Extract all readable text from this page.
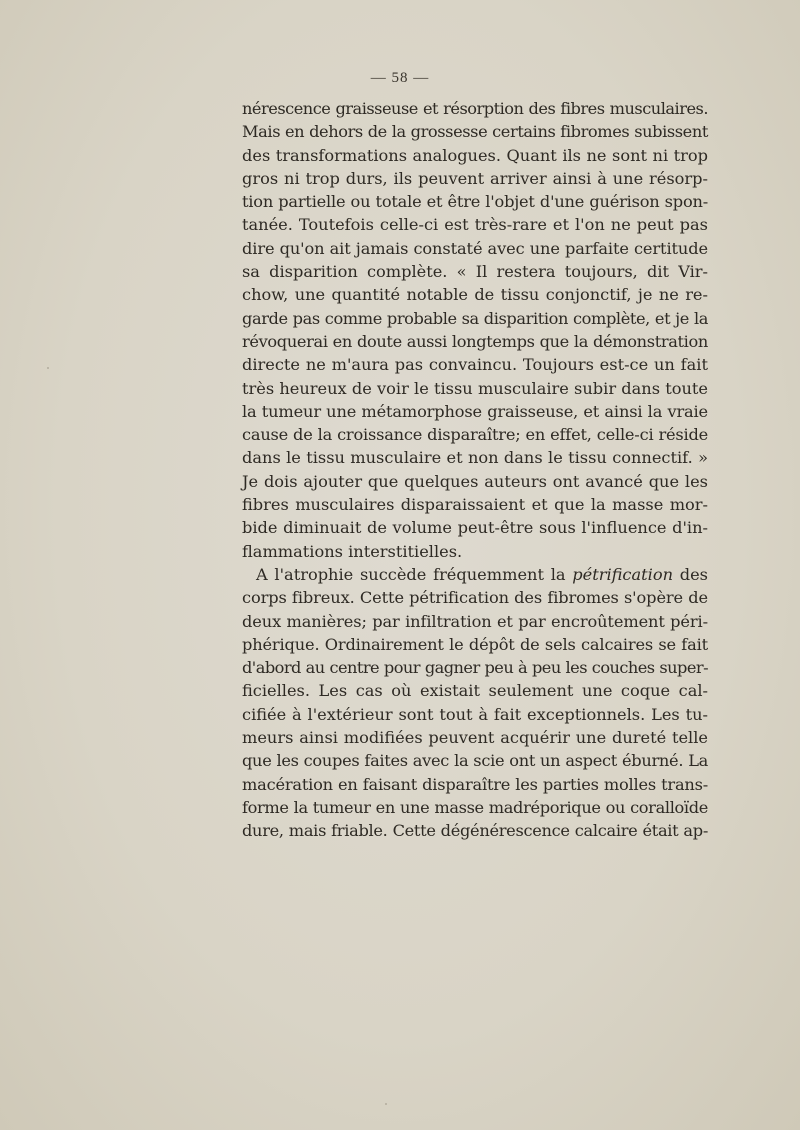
— 58 —
nérescence graisseuse et résorption des fibres musculaires.
Mais en dehors de la grossesse certains fibromes subissent
des transformations analogues. Quant ils ne sont ni trop
gros ni trop durs, ils peuvent arriver ainsi à une résorp-
tion partielle ou totale et être l'objet d'une guérison spon-
tanée. Toutefois celle-ci est très-rare et l'on ne peut pas
dire qu'on ait jamais constaté avec une parfaite certitude
sa disparition complète. « Il restera toujours, dit Vir-
chow, une quantité notable de tissu conjonctif, je ne re-
garde pas comme probable sa disparition complète, et je la
révoquerai en doute aussi longtemps que la démonstration
directe ne m'aura pas convaincu. Toujours est-ce un fait
très heureux de voir le tissu musculaire subir dans toute
la tumeur une métamorphose graisseuse, et ainsi la vraie
cause de la croissance disparaître; en effet, celle-ci réside
dans le tissu musculaire et non dans le tissu connectif. »
Je dois ajouter que quelques auteurs ont avancé que les
fibres musculaires disparaissaient et que la masse mor-
bide diminuait de volume peut-être sous l'influence d'in-
flammations interstitielles.
A l'atrophie succède fréquemment la pétrification des
corps fibreux. Cette pétrification des fibromes s'opère de
deux manières; par infiltration et par encroûtement péri-
phérique. Ordinairement le dépôt de sels calcaires se fait
d'abord au centre pour gagner peu à peu les couches super-
ficielles. Les cas où existait seulement une coque cal-
cifiée à l'extérieur sont tout à fait exceptionnels. Les tu-
meurs ainsi modifiées peuvent acquérir une dureté telle
que les coupes faites avec la scie ont un aspect éburné. La
macération en faisant disparaître les parties molles trans-
forme la tumeur en une masse madréporique ou coralloïde
dure, mais friable. Cette dégénérescence calcaire était ap-
